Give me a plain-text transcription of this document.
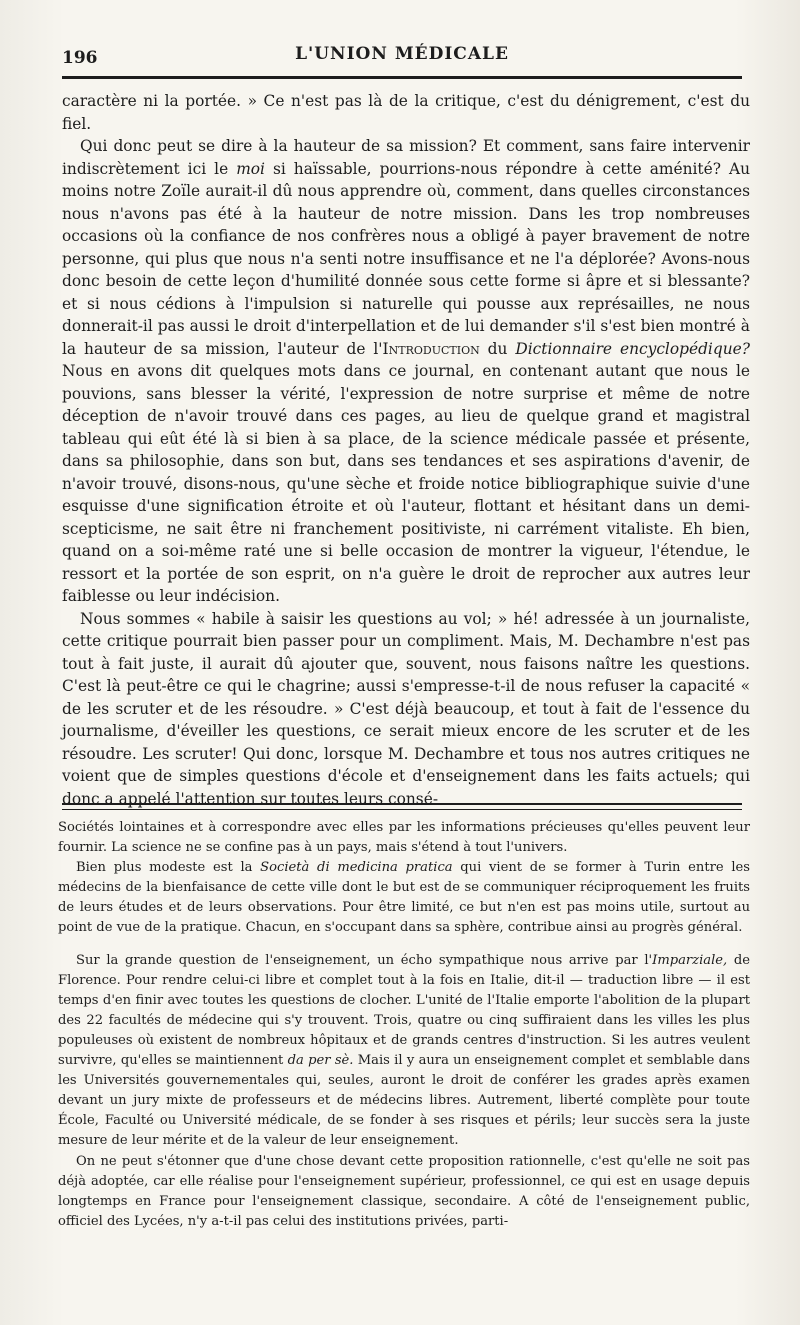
196	L'UNION MÉDICALE

caractère ni la portée. » Ce n'est pas là de la critique, c'est du dénigrement, c'est du fiel.

Qui donc peut se dire à la hauteur de sa mission? Et comment, sans faire intervenir indiscrètement ici le moi si haïssable, pourrions-nous répondre à cette aménité? Au moins notre Zoïle aurait-il dû nous apprendre où, comment, dans quelles circonstances nous n'avons pas été à la hauteur de notre mission. Dans les trop nombreuses occasions où la confiance de nos confrères nous a obligé à payer bravement de notre personne, qui plus que nous n'a senti notre insuffisance et ne l'a déplorée? Avons-nous donc besoin de cette leçon d'humilité donnée sous cette forme si âpre et si blessante? et si nous cédions à l'impulsion si naturelle qui pousse aux représailles, ne nous donnerait-il pas aussi le droit d'interpellation et de lui demander s'il s'est bien montré à la hauteur de sa mission, l'auteur de l'Introduction du Dictionnaire encyclopédique? Nous en avons dit quelques mots dans ce journal, en contenant autant que nous le pouvions, sans blesser la vérité, l'expression de notre surprise et même de notre déception de n'avoir trouvé dans ces pages, au lieu de quelque grand et magistral tableau qui eût été là si bien à sa place, de la science médicale passée et présente, dans sa philosophie, dans son but, dans ses tendances et ses aspirations d'avenir, de n'avoir trouvé, disons-nous, qu'une sèche et froide notice bibliographique suivie d'une esquisse d'une signification étroite et où l'auteur, flottant et hésitant dans un demi-scepticisme, ne sait être ni franchement positiviste, ni carrément vitaliste. Eh bien, quand on a soi-même raté une si belle occasion de montrer la vigueur, l'étendue, le ressort et la portée de son esprit, on n'a guère le droit de reprocher aux autres leur faiblesse ou leur indécision.

Nous sommes « habile à saisir les questions au vol; » hé! adressée à un journaliste, cette critique pourrait bien passer pour un compliment. Mais, M. Dechambre n'est pas tout à fait juste, il aurait dû ajouter que, souvent, nous faisons naître les questions. C'est là peut-être ce qui le chagrine; aussi s'empresse-t-il de nous refuser la capacité « de les scruter et de les résoudre. » C'est déjà beaucoup, et tout à fait de l'essence du journalisme, d'éveiller les questions, ce serait mieux encore de les scruter et de les résoudre. Les scruter! Qui donc, lorsque M. Dechambre et tous nos autres critiques ne voient que de simples questions d'école et d'enseignement dans les faits actuels; qui donc a appelé l'attention sur toutes leurs consé-

Sociétés lointaines et à correspondre avec elles par les informations précieuses qu'elles peuvent leur fournir. La science ne se confine pas à un pays, mais s'étend à tout l'univers.

Bien plus modeste est la Società di medicina pratica qui vient de se former à Turin entre les médecins de la bienfaisance de cette ville dont le but est de se communiquer réciproquement les fruits de leurs études et de leurs observations. Pour être limité, ce but n'en est pas moins utile, surtout au point de vue de la pratique. Chacun, en s'occupant dans sa sphère, contribue ainsi au progrès général.

Sur la grande question de l'enseignement, un écho sympathique nous arrive par l'Imparziale, de Florence. Pour rendre celui-ci libre et complet tout à la fois en Italie, dit-il — traduction libre — il est temps d'en finir avec toutes les questions de clocher. L'unité de l'Italie emporte l'abolition de la plupart des 22 facultés de médecine qui s'y trouvent. Trois, quatre ou cinq suffiraient dans les villes les plus populeuses où existent de nombreux hôpitaux et de grands centres d'instruction. Si les autres veulent survivre, qu'elles se maintiennent da per sè. Mais il y aura un enseignement complet et semblable dans les Universités gouvernementales qui, seules, auront le droit de conférer les grades après examen devant un jury mixte de professeurs et de médecins libres. Autrement, liberté complète pour toute École, Faculté ou Université médicale, de se fonder à ses risques et périls; leur succès sera la juste mesure de leur mérite et de la valeur de leur enseignement.

On ne peut s'étonner que d'une chose devant cette proposition rationnelle, c'est qu'elle ne soit pas déjà adoptée, car elle réalise pour l'enseignement supérieur, professionnel, ce qui est en usage depuis longtemps en France pour l'enseignement classique, secondaire. A côté de l'enseignement public, officiel des Lycées, n'y a-t-il pas celui des institutions privées, parti-
